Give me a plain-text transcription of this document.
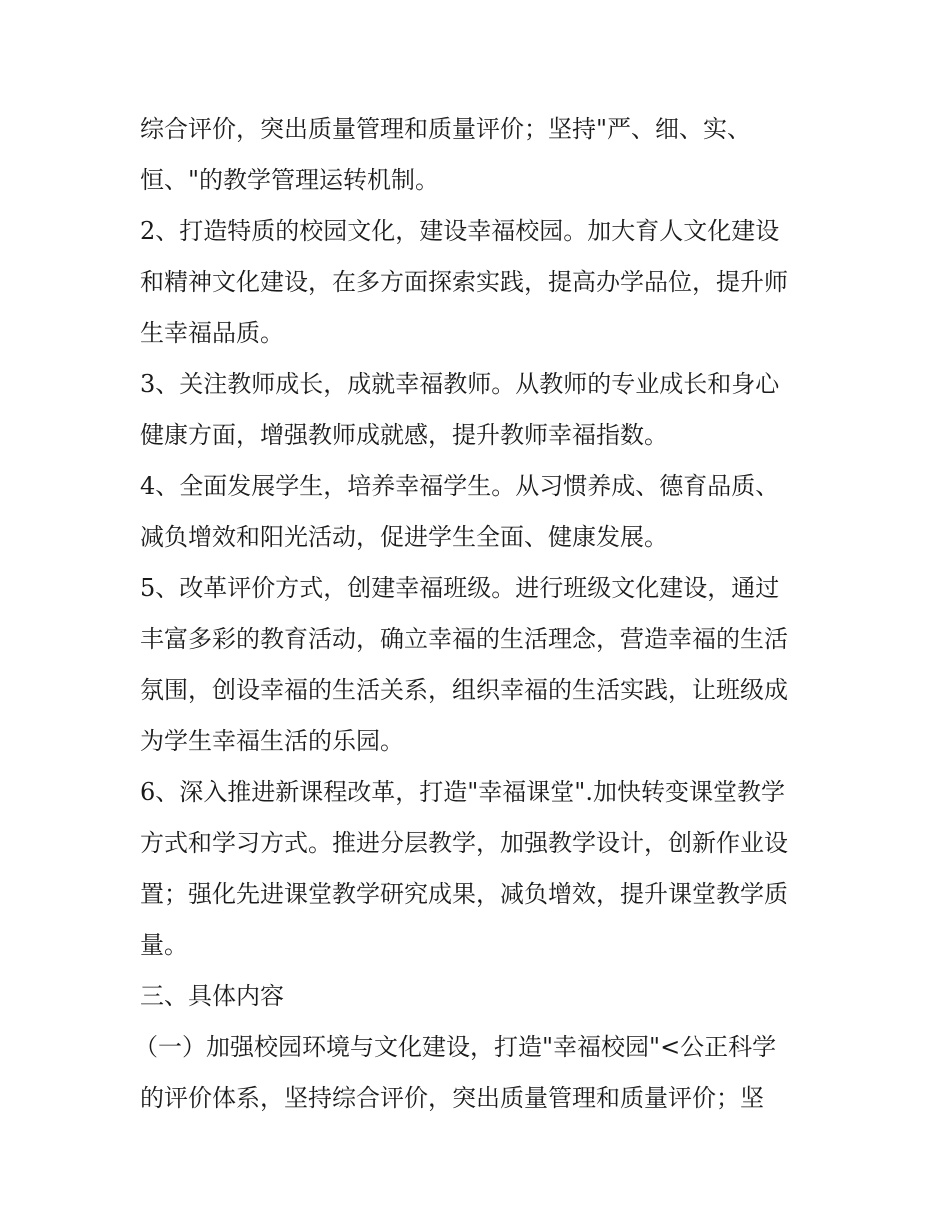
综合评价，突出质量管理和质量评价；坚持"严、细、实、
恒、"的教学管理运转机制。
2、打造特质的校园文化，建设幸福校园。加大育人文化建设
和精神文化建设，在多方面探索实践，提高办学品位，提升师
生幸福品质。
3、关注教师成长，成就幸福教师。从教师的专业成长和身心
健康方面，增强教师成就感，提升教师幸福指数。
4、全面发展学生，培养幸福学生。从习惯养成、德育品质、
减负增效和阳光活动，促进学生全面、健康发展。
5、改革评价方式，创建幸福班级。进行班级文化建设，通过
丰富多彩的教育活动，确立幸福的生活理念，营造幸福的生活
氛围，创设幸福的生活关系，组织幸福的生活实践，让班级成
为学生幸福生活的乐园。
6、深入推进新课程改革，打造"幸福课堂".加快转变课堂教学
方式和学习方式。推进分层教学，加强教学设计，创新作业设
置；强化先进课堂教学研究成果，减负增效，提升课堂教学质
量。
三、具体内容
（一）加强校园环境与文化建设，打造"幸福校园"<公正科学
的评价体系，坚持综合评价，突出质量管理和质量评价；坚
